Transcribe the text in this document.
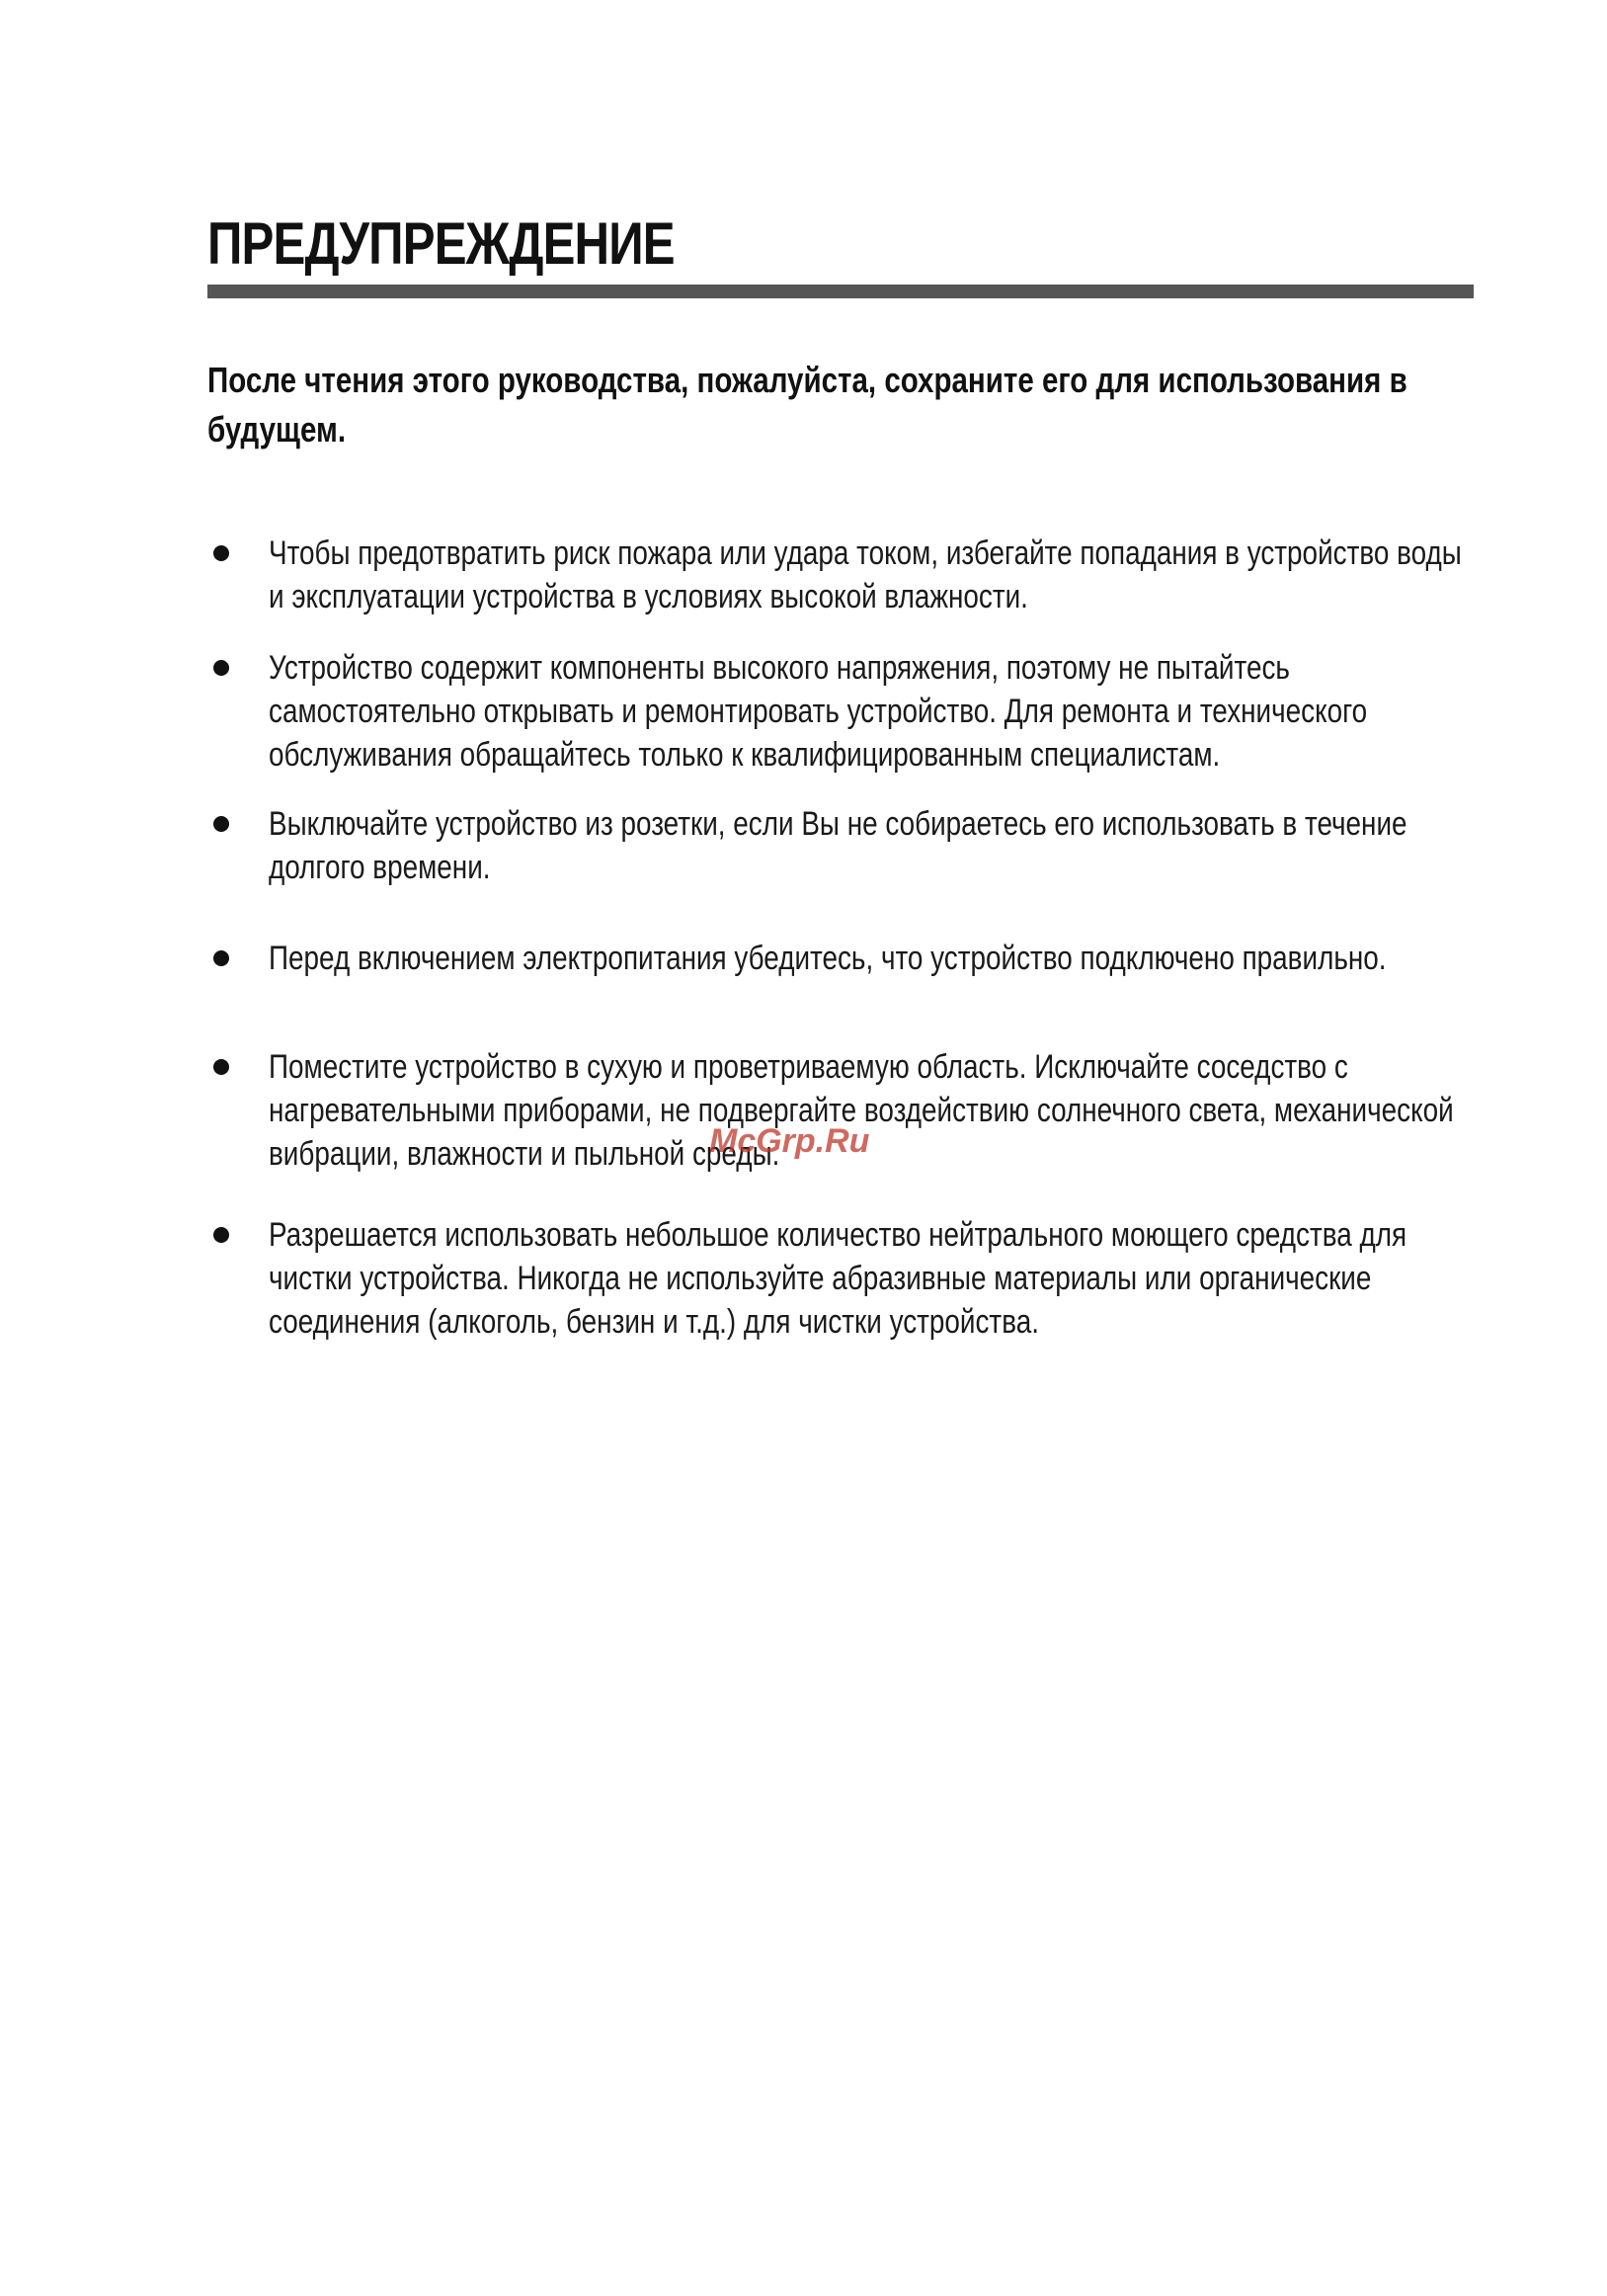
ПРЕДУПРЕЖДЕНИЕ

После чтения этого руководства, пожалуйста, сохраните его для использования в будущем.

Чтобы предотвратить риск пожара или удара током, избегайте попадания в устройство воды и эксплуатации устройства в условиях высокой влажности.

Устройство содержит компоненты высокого напряжения, поэтому не пытайтесь самостоятельно открывать и ремонтировать устройство. Для ремонта и технического обслуживания обращайтесь только к квалифицированным специалистам.

Выключайте устройство из розетки, если Вы не собираетесь его использовать в течение долгого времени.

Перед включением электропитания убедитесь, что устройство подключено правильно.

Поместите устройство в сухую и проветриваемую область. Исключайте соседство с нагревательными приборами, не подвергайте воздействию солнечного света, механической вибрации, влажности и пыльной среды.

Разрешается использовать небольшое количество нейтрального моющего средства для чистки устройства. Никогда не используйте абразивные материалы или органические соединения (алкоголь, бензин и т.д.) для чистки устройства.

McGrp.Ru
